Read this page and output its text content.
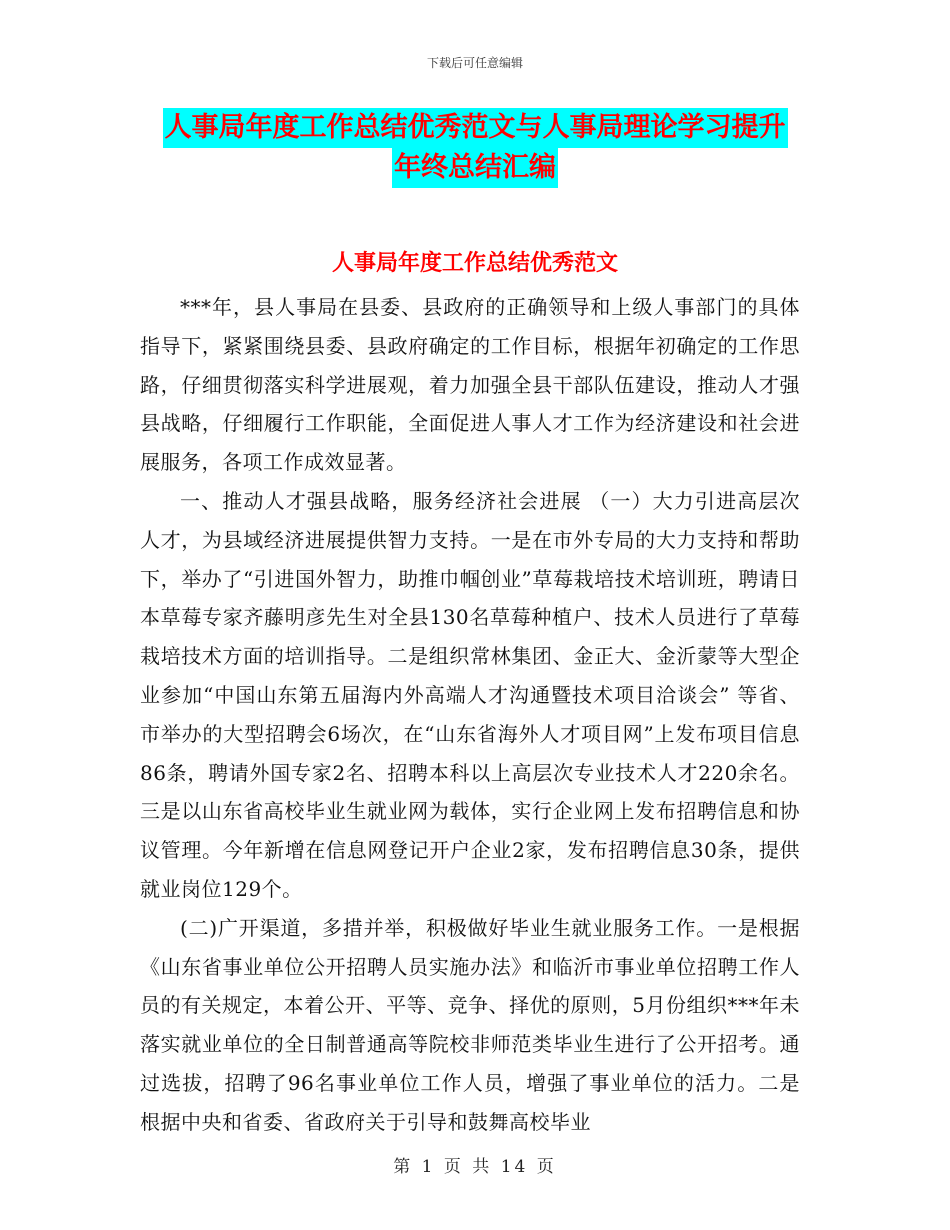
下载后可任意编辑
人事局年度工作总结优秀范文与人事局理论学习提升
年终总结汇编
人事局年度工作总结优秀范文

***年，县人事局在县委、县政府的正确领导和上级人事部门的具体指导下，紧紧围绕县委、县政府确定的工作目标，根据年初确定的工作思路，仔细贯彻落实科学进展观，着力加强全县干部队伍建设，推动人才强县战略，仔细履行工作职能，全面促进人事人才工作为经济建设和社会进展服务，各项工作成效显著。

一、推动人才强县战略，服务经济社会进展 （一）大力引进高层次人才，为县域经济进展提供智力支持。一是在市外专局的大力支持和帮助下，举办了“引进国外智力，助推巾帼创业”草莓栽培技术培训班，聘请日本草莓专家齐藤明彦先生对全县130名草莓种植户、技术人员进行了草莓栽培技术方面的培训指导。二是组织常林集团、金正大、金沂蒙等大型企业参加“中国山东第五届海内外高端人才沟通暨技术项目洽谈会” 等省、市举办的大型招聘会6场次，在“山东省海外人才项目网”上发布项目信息86条，聘请外国专家2名、招聘本科以上高层次专业技术人才220余名。三是以山东省高校毕业生就业网为载体，实行企业网上发布招聘信息和协议管理。今年新增在信息网登记开户企业2家，发布招聘信息30条，提供就业岗位129个。

(二)广开渠道，多措并举，积极做好毕业生就业服务工作。一是根据《山东省事业单位公开招聘人员实施办法》和临沂市事业单位招聘工作人员的有关规定，本着公开、平等、竞争、择优的原则，5月份组织***年未落实就业单位的全日制普通高等院校非师范类毕业生进行了公开招考。通过选拔，招聘了96名事业单位工作人员，增强了事业单位的活力。二是根据中央和省委、省政府关于引导和鼓舞高校毕业

第 1 页 共 14 页
